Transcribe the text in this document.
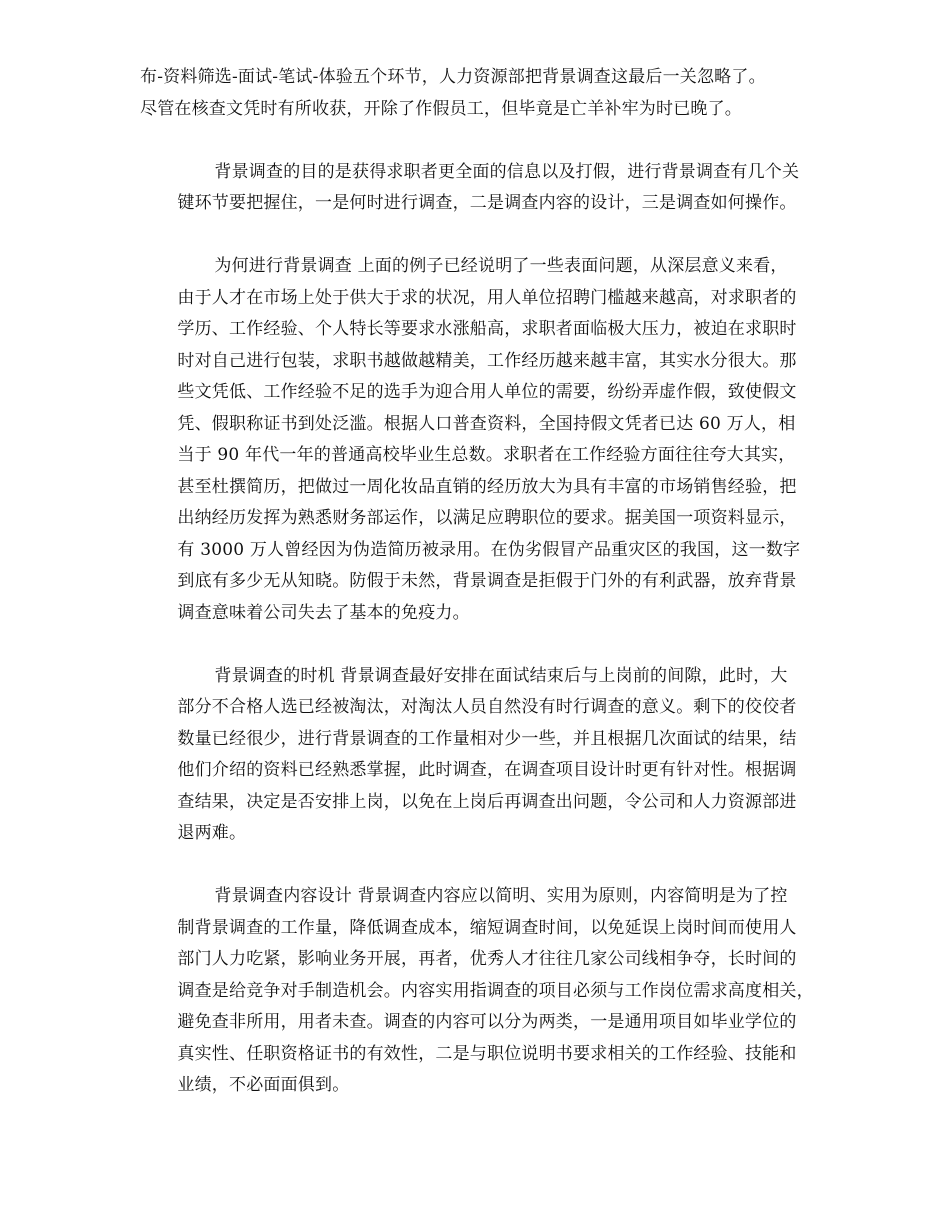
布-资料筛选-面试-笔试-体验五个环节，人力资源部把背景调查这最后一关忽略了。
尽管在核查文凭时有所收获，开除了作假员工，但毕竟是亡羊补牢为时已晚了。
背景调查的目的是获得求职者更全面的信息以及打假，进行背景调查有几个关
键环节要把握住，一是何时进行调查，二是调查内容的设计，三是调查如何操作。
为何进行背景调查 上面的例子已经说明了一些表面问题，从深层意义来看，
由于人才在市场上处于供大于求的状况，用人单位招聘门槛越来越高，对求职者的
学历、工作经验、个人特长等要求水涨船高，求职者面临极大压力，被迫在求职时
时对自己进行包装，求职书越做越精美，工作经历越来越丰富，其实水分很大。那
些文凭低、工作经验不足的选手为迎合用人单位的需要，纷纷弄虚作假，致使假文
凭、假职称证书到处泛滥。根据人口普查资料，全国持假文凭者已达 60 万人，相
当于 90 年代一年的普通高校毕业生总数。求职者在工作经验方面往往夸大其实，
甚至杜撰简历，把做过一周化妆品直销的经历放大为具有丰富的市场销售经验，把
出纳经历发挥为熟悉财务部运作，以满足应聘职位的要求。据美国一项资料显示，
有 3000 万人曾经因为伪造简历被录用。在伪劣假冒产品重灾区的我国，这一数字
到底有多少无从知晓。防假于未然，背景调查是拒假于门外的有利武器，放弃背景
调查意味着公司失去了基本的免疫力。
背景调查的时机 背景调查最好安排在面试结束后与上岗前的间隙，此时，大
部分不合格人选已经被淘汰，对淘汰人员自然没有时行调查的意义。剩下的佼佼者
数量已经很少，进行背景调查的工作量相对少一些，并且根据几次面试的结果，结
他们介绍的资料已经熟悉掌握，此时调查，在调查项目设计时更有针对性。根据调
查结果，决定是否安排上岗，以免在上岗后再调查出问题，令公司和人力资源部进
退两难。
背景调查内容设计 背景调查内容应以简明、实用为原则，内容简明是为了控
制背景调查的工作量，降低调查成本，缩短调查时间，以免延误上岗时间而使用人
部门人力吃紧，影响业务开展，再者，优秀人才往往几家公司线相争夺，长时间的
调查是给竞争对手制造机会。内容实用指调查的项目必须与工作岗位需求高度相关，
避免查非所用，用者未查。调查的内容可以分为两类，一是通用项目如毕业学位的
真实性、任职资格证书的有效性，二是与职位说明书要求相关的工作经验、技能和
业绩，不必面面俱到。
